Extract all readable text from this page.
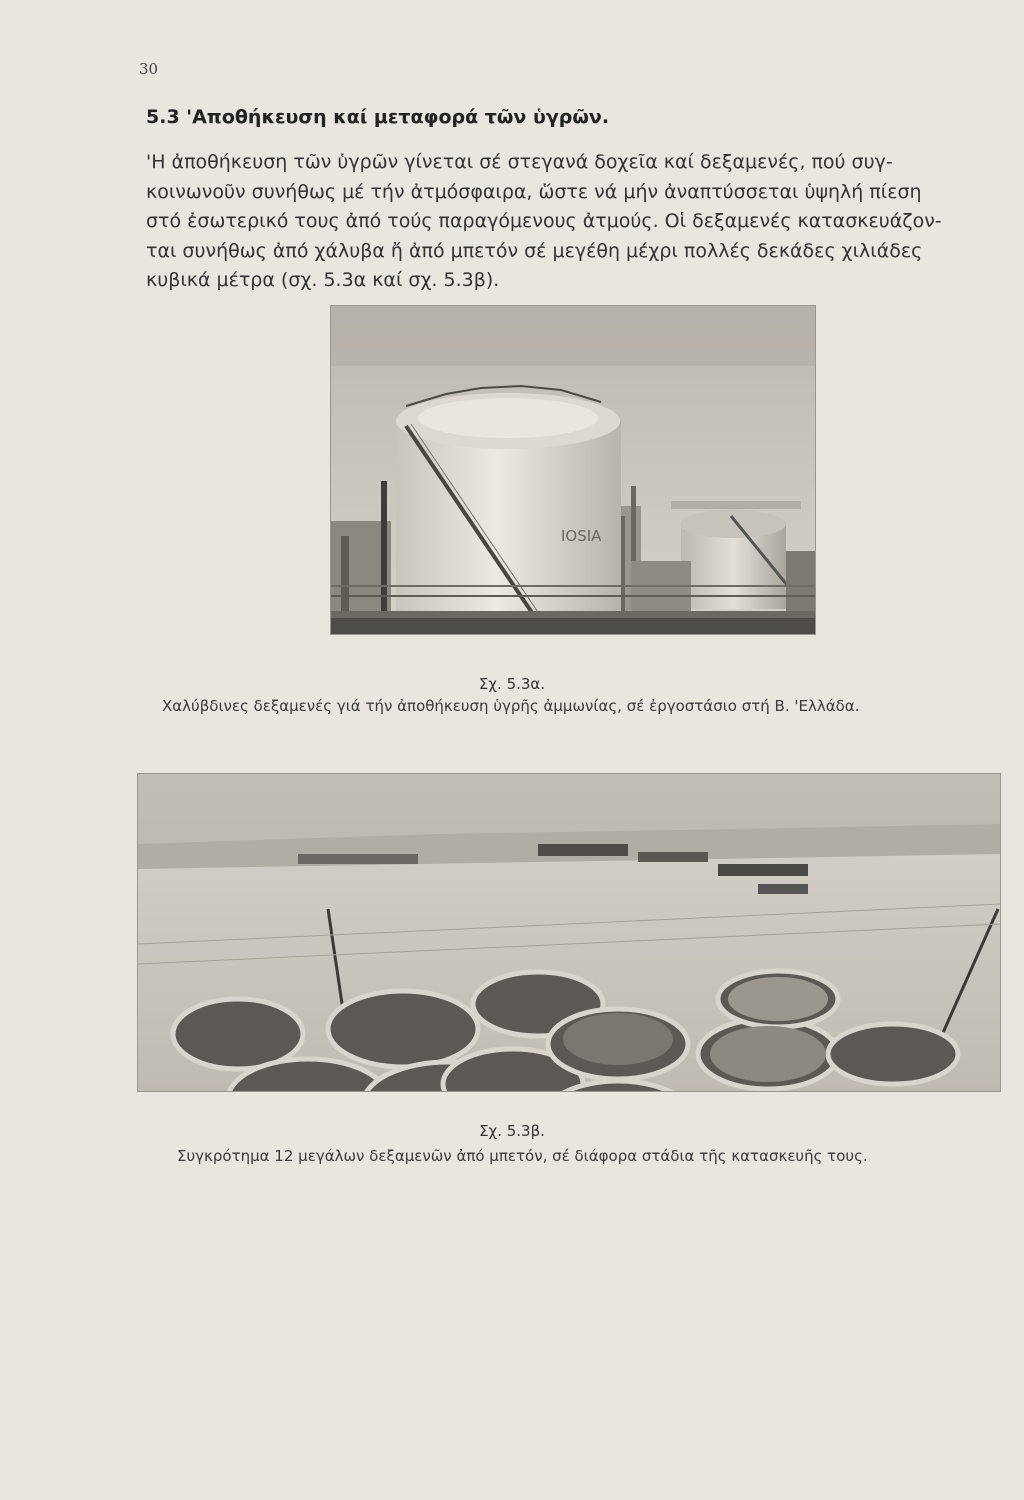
30
5.3 'Αποθήκευση καί μεταφορά τῶν ὑγρῶν.
'Η ἀποθήκευση τῶν ὑγρῶν γίνεται σέ στεγανά δοχεῖα καί δεξαμενές, πού συγ-
κοινωνοῦν συνήθως μέ τήν ἀτμόσφαιρα, ὥστε νά μήν ἀναπτύσσεται ὑψηλή πίεση
στό ἐσωτερικό τους ἀπό τούς παραγόμενους ἀτμούς. Οἱ δεξαμενές κατασκευάζον-
ται συνήθως ἀπό χάλυβα ἤ ἀπό μπετόν σέ μεγέθη μέχρι πολλές δεκάδες χιλιάδες
κυβικά μέτρα (σχ. 5.3α καί σχ. 5.3β).
IOSIA
Σχ. 5.3α.
Χαλύβδινες δεξαμενές γιά τήν ἀποθήκευση ὑγρῆς ἀμμωνίας, σέ ἐργοστάσιο στή Β. 'Ελλάδα.
Σχ. 5.3β.
Συγκρότημα 12 μεγάλων δεξαμενῶν ἀπό μπετόν, σέ διάφορα στάδια τῆς κατασκευῆς τους.
